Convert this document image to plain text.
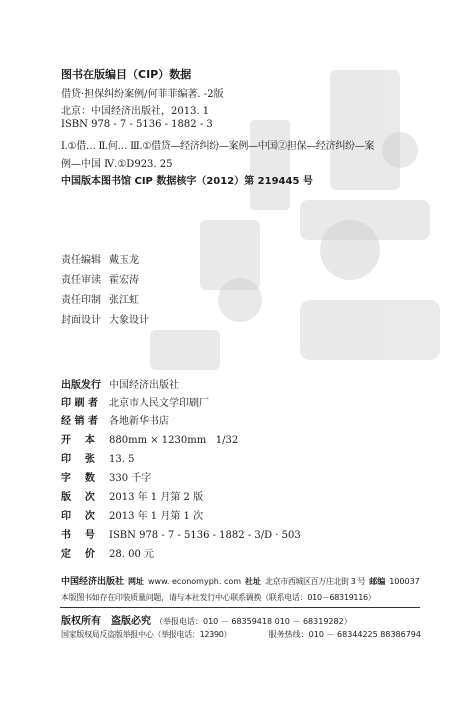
图书在版编目（CIP）数据
借贷·担保纠纷案例/何菲菲编著. -2版
北京：中国经济出版社，2013. 1
ISBN 978 - 7 - 5136 - 1882 - 3
Ⅰ.①借… Ⅱ.何… Ⅲ.①借贷—经济纠纷—案例—中国②担保—经济纠纷—案
例—中国 Ⅳ.①D923. 25
中国版本图书馆 CIP 数据核字（2012）第 219445 号
责任编辑 戴玉龙
责任审读 霍宏涛
责任印制 张江虹
封面设计 大象设计
出版发行 中国经济出版社
印 刷 者	北京市人民文学印刷厂
经 销 者	各地新华书店
开    本	880mm × 1230mm   1/32
印    张	13. 5
字    数	330 千字
版    次	2013 年 1 月第 2 版
印    次	2013 年 1 月第 1 次
书    号	ISBN 978 - 7 - 5136 - 1882 - 3/D · 503
定    价	28. 00 元
中国经济出版社 网址 www. economyph. com 社址 北京市西城区百万庄北街 3 号 邮编 100037
本版图书如存在印装质量问题，请与本社发行中心联系调换（联系电话：010－68319116）
版权所有 盗版必究 （举报电话：010 － 68359418 010 － 68319282）
国家版权局反盗版举报中心（举报电话：12390）	服务热线：010 － 68344225 88386794
